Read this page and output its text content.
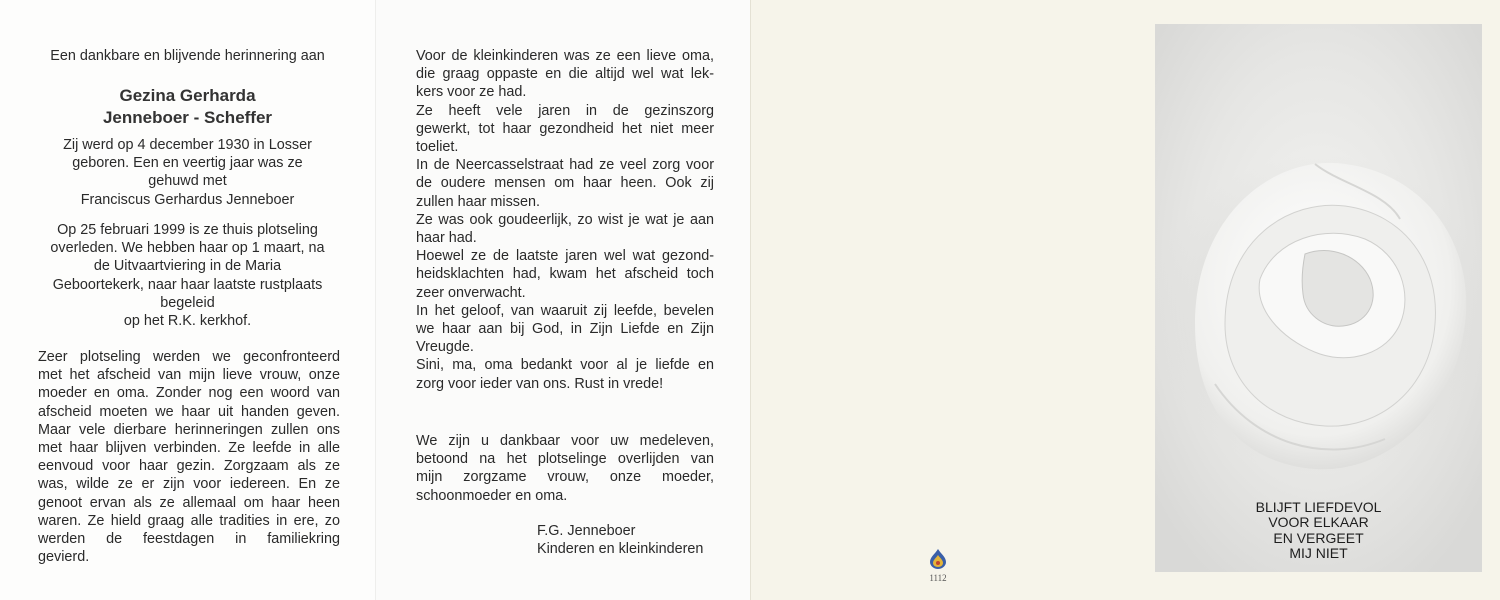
Een dankbare en blijvende herinnering aan
Gezina Gerharda
Jenneboer - Scheffer
Zij werd op 4 december 1930 in Losser
geboren. Een en veertig jaar was ze
gehuwd met
Franciscus Gerhardus Jenneboer
Op 25 februari 1999 is ze thuis plotseling
overleden. We hebben haar op 1 maart, na
de Uitvaartviering in de Maria
Geboortekerk, naar haar laatste rustplaats
begeleid
op het R.K. kerkhof.
Zeer plotseling werden we geconfronteerd
met het afscheid van mijn lieve vrouw, onze
moeder en oma. Zonder nog een woord van
afscheid moeten we haar uit handen geven.
Maar vele dierbare herinneringen zullen ons
met haar blijven verbinden. Ze leefde in alle
eenvoud voor haar gezin. Zorgzaam als ze
was, wilde ze er zijn voor iedereen. En ze
genoot ervan als ze allemaal om haar heen
waren. Ze hield graag alle tradities in ere, zo
werden de feestdagen in familiekring
gevierd.
Voor de kleinkinderen was ze een lieve oma,
die graag oppaste en die altijd wel wat lek-
kers voor ze had.
Ze heeft vele jaren in de gezinszorg
gewerkt, tot haar gezondheid het niet meer
toeliet.
In de Neercasselstraat had ze veel zorg voor
de oudere mensen om haar heen. Ook zij
zullen haar missen.
Ze was ook goudeerlijk, zo wist je wat je aan
haar had.
Hoewel ze de laatste jaren wel wat gezond-
heidsklachten had, kwam het afscheid toch
zeer onverwacht.
In het geloof, van waaruit zij leefde, bevelen
we haar aan bij God, in Zijn Liefde en Zijn
Vreugde.
Sini, ma, oma bedankt voor al je liefde en
zorg voor ieder van ons. Rust in vrede!
We zijn u dankbaar voor uw medeleven,
betoond na het plotselinge overlijden van
mijn zorgzame vrouw, onze moeder,
schoonmoeder en oma.
F.G. Jenneboer
Kinderen en kleinkinderen
BLIJFT LIEFDEVOL
VOOR ELKAAR
EN VERGEET
MIJ NIET
1112
